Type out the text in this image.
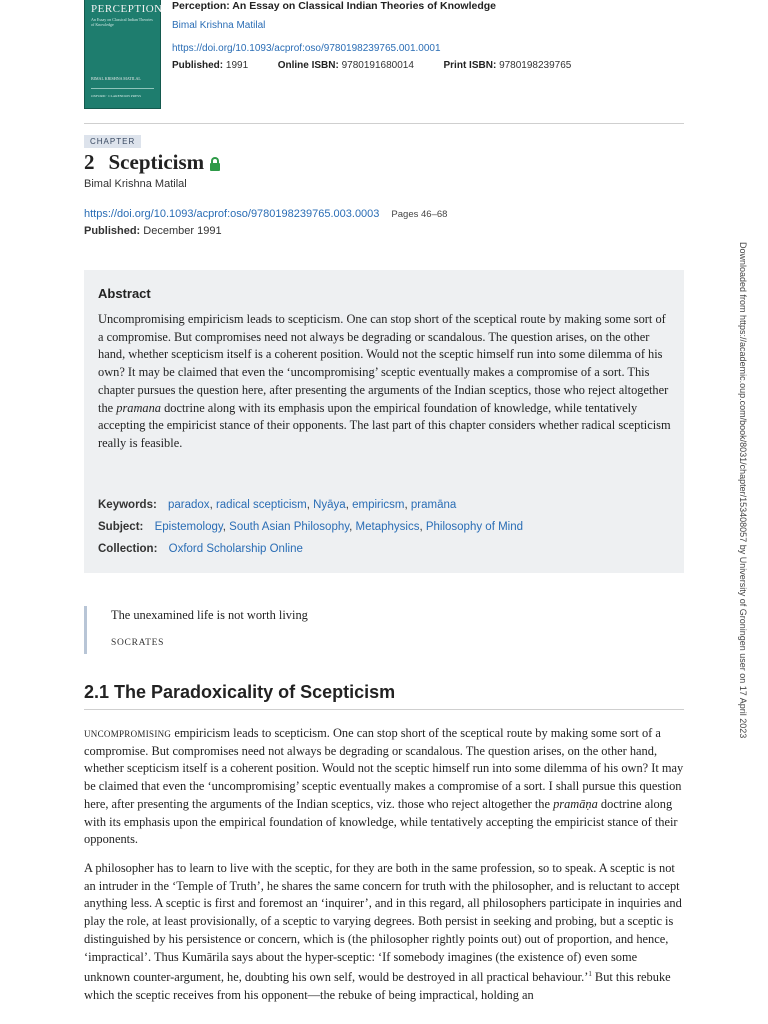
PERCEPTION
An Essay on Classical Indian Theories of Knowledge
BIMAL KRISHNA MATILAL
OXFORD · CLARENDON PRESS
Perception: An Essay on Classical Indian Theories of Knowledge
Bimal Krishna Matilal
https://doi.org/10.1093/acprof:oso/9780198239765.001.0001
Published: 1991	Online ISBN: 9780191680014	Print ISBN: 9780198239765
CHAPTER
2 Scepticism
Bimal Krishna Matilal
https://doi.org/10.1093/acprof:oso/9780198239765.003.0003 Pages 46–68
Published: December 1991
Abstract
Uncompromising empiricism leads to scepticism. One can stop short of the sceptical route by making some sort of a compromise. But compromises need not always be degrading or scandalous. The question arises, on the other hand, whether scepticism itself is a coherent position. Would not the sceptic himself run into some dilemma of his own? It may be claimed that even the ‘uncompromising’ sceptic eventually makes a compromise of a sort. This chapter pursues the question here, after presenting the arguments of the Indian sceptics, those who reject altogether the pramana doctrine along with its emphasis upon the empirical foundation of knowledge, while tentatively accepting the empiricist stance of their opponents. The last part of this chapter considers whether radical scepticism really is feasible.
Keywords: paradox, radical scepticism, Nyāya, empiricsm, pramāna
Subject: Epistemology, South Asian Philosophy, Metaphysics, Philosophy of Mind
Collection: Oxford Scholarship Online
The unexamined life is not worth living
SOCRATES
2.1 The Paradoxicality of Scepticism
uncompromising empiricism leads to scepticism. One can stop short of the sceptical route by making some sort of a compromise. But compromises need not always be degrading or scandalous. The question arises, on the other hand, whether scepticism itself is a coherent position. Would not the sceptic himself run into some dilemma of his own? It may be claimed that even the ‘uncompromising’ sceptic eventually makes a compromise of a sort. I shall pursue this question here, after presenting the arguments of the Indian sceptics, viz. those who reject altogether the pramāṇa doctrine along with its emphasis upon the empirical foundation of knowledge, while tentatively accepting the empiricist stance of their opponents.
A philosopher has to learn to live with the sceptic, for they are both in the same profession, so to speak. A sceptic is not an intruder in the ‘Temple of Truth’, he shares the same concern for truth with the philosopher, and is reluctant to accept anything less. A sceptic is first and foremost an ‘inquirer’, and in this regard, all philosophers participate in inquiries and play the role, at least provisionally, of a sceptic to varying degrees. Both persist in seeking and probing, but a sceptic is distinguished by his persistence or concern, which is (the philosopher rightly points out) out of proportion, and hence, ‘impractical’. Thus Kumārila says about the hyper-sceptic: ‘If somebody imagines (the existence of) even some unknown counter-argument, he, doubting his own self, would be destroyed in all practical behaviour.’$^1$ But this rebuke which the sceptic receives from his opponent—the rebuke of being impractical, holding an
Downloaded from https://academic.oup.com/book/8031/chapter/153408057 by University of Groningen user on 17 April 2023
